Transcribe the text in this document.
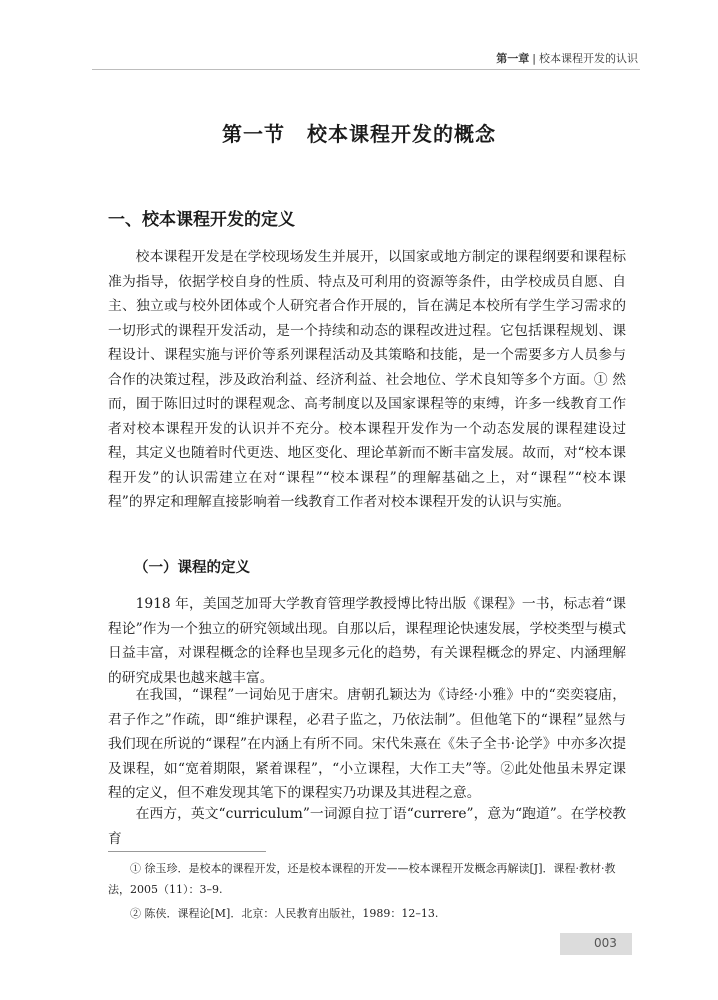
第一章 | 校本课程开发的认识
第一节 校本课程开发的概念
一、校本课程开发的定义

校本课程开发是在学校现场发生并展开，以国家或地方制定的课程纲要和课程标准为指导，依据学校自身的性质、特点及可利用的资源等条件，由学校成员自愿、自主、独立或与校外团体或个人研究者合作开展的，旨在满足本校所有学生学习需求的一切形式的课程开发活动，是一个持续和动态的课程改进过程。它包括课程规划、课程设计、课程实施与评价等系列课程活动及其策略和技能，是一个需要多方人员参与合作的决策过程，涉及政治利益、经济利益、社会地位、学术良知等多个方面。① 然而，囿于陈旧过时的课程观念、高考制度以及国家课程等的束缚，许多一线教育工作者对校本课程开发的认识并不充分。校本课程开发作为一个动态发展的课程建设过程，其定义也随着时代更迭、地区变化、理论革新而不断丰富发展。故而，对“校本课程开发”的认识需建立在对“课程”“校本课程”的理解基础之上，对“课程”“校本课程”的界定和理解直接影响着一线教育工作者对校本课程开发的认识与实施。

（一）课程的定义

1918 年，美国芝加哥大学教育管理学教授博比特出版《课程》一书，标志着“课程论”作为一个独立的研究领域出现。自那以后，课程理论快速发展，学校类型与模式日益丰富，对课程概念的诠释也呈现多元化的趋势，有关课程概念的界定、内涵理解的研究成果也越来越丰富。

在我国，“课程”一词始见于唐宋。唐朝孔颖达为《诗经·小雅》中的“奕奕寝庙，君子作之”作疏，即“维护课程，必君子监之，乃依法制”。但他笔下的“课程”显然与我们现在所说的“课程”在内涵上有所不同。宋代朱熹在《朱子全书·论学》中亦多次提及课程，如“宽着期限，紧着课程”，“小立课程，大作工夫”等。②此处他虽未界定课程的定义，但不难发现其笔下的课程实乃功课及其进程之意。

在西方，英文“curriculum”一词源自拉丁语“currere”，意为“跑道”。在学校教育

① 徐玉珍．是校本的课程开发，还是校本课程的开发——校本课程开发概念再解读[J]．课程·教材·教法，2005（11）：3–9.

② 陈侠．课程论[M]．北京：人民教育出版社，1989：12–13.

003
